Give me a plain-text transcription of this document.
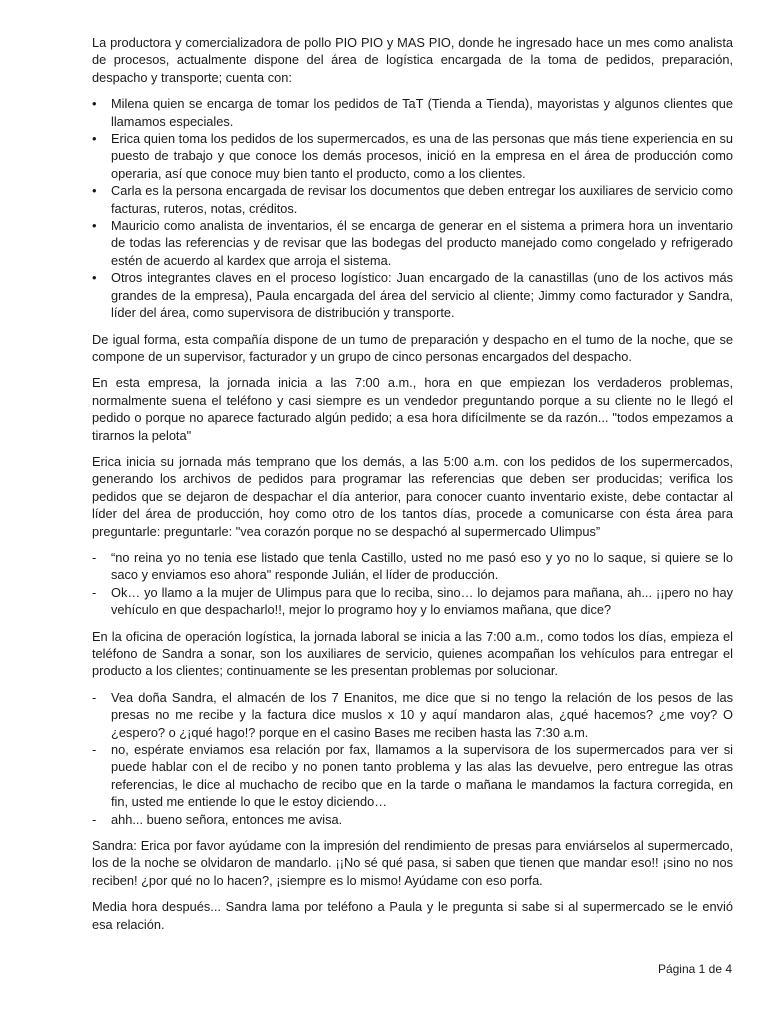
La productora y comercializadora de pollo PIO PIO y MAS PIO, donde he ingresado hace un mes como analista de procesos, actualmente dispone del área de logística encargada de la toma de pedidos, preparación, despacho y transporte; cuenta con:

• Milena quien se encarga de tomar los pedidos de TaT (Tienda a Tienda), mayoristas y algunos clientes que llamamos especiales.
• Erica quien toma los pedidos de los supermercados, es una de las personas que más tiene experiencia en su puesto de trabajo y que conoce los demás procesos, inició en la empresa en el área de producción como operaria, así que conoce muy bien tanto el producto, como a los clientes.
• Carla es la persona encargada de revisar los documentos que deben entregar los auxiliares de servicio como facturas, ruteros, notas, créditos.
• Mauricio como analista de inventarios, él se encarga de generar en el sistema a primera hora un inventario de todas las referencias y de revisar que las bodegas del producto manejado como congelado y refrigerado estén de acuerdo al kardex que arroja el sistema.
• Otros integrantes claves en el proceso logístico: Juan encargado de la canastillas (uno de los activos más grandes de la empresa), Paula encargada del área del servicio al cliente; Jimmy como facturador y Sandra, líder del área, como supervisora de distribución y transporte.

De igual forma, esta compañía dispone de un tumo de preparación y despacho en el tumo de la noche, que se compone de un supervisor, facturador y un grupo de cinco personas encargados del despacho.

En esta empresa, la jornada inicia a las 7:00 a.m., hora en que empiezan los verdaderos problemas, normalmente suena el teléfono y casi siempre es un vendedor preguntando porque a su cliente no le llegó el pedido o porque no aparece facturado algún pedido; a esa hora difícilmente se da razón... "todos empezamos a tirarnos la pelota"

Erica inicia su jornada más temprano que los demás, a las 5:00 a.m. con los pedidos de los supermercados, generando los archivos de pedidos para programar las referencias que deben ser producidas; verifica los pedidos que se dejaron de despachar el día anterior, para conocer cuanto inventario existe, debe contactar al líder del área de producción, hoy como otro de los tantos días, procede a comunicarse con ésta área para preguntarle: preguntarle: "vea corazón porque no se despachó al supermercado Ulimpus”

- “no reina yo no tenia ese listado que tenla Castillo, usted no me pasó eso y yo no lo saque, si quiere se lo saco y enviamos eso ahora" responde Julián, el líder de producción.
- Ok… yo llamo a la mujer de Ulimpus para que lo reciba, sino… lo dejamos para mañana, ah... ¡¡pero no hay vehículo en que despacharlo!!, mejor lo programo hoy y lo enviamos mañana, que dice?

En la oficina de operación logística, la jornada laboral se inicia a las 7:00 a.m., como todos los días, empieza el teléfono de Sandra a sonar, son los auxiliares de servicio, quienes acompañan los vehículos para entregar el producto a los clientes; continuamente se les presentan problemas por solucionar.

- Vea doña Sandra, el almacén de los 7 Enanitos, me dice que si no tengo la relación de los pesos de las presas no me recibe y la factura dice muslos x 10 y aquí mandaron alas, ¿qué hacemos? ¿me voy? O ¿espero? o ¿¡qué hago!? porque en el casino Bases me reciben hasta las 7:30 a.m.
- no, espérate enviamos esa relación por fax, llamamos a la supervisora de los supermercados para ver si puede hablar con el de recibo y no ponen tanto problema y las alas las devuelve, pero entregue las otras referencias, le dice al muchacho de recibo que en la tarde o mañana le mandamos la factura corregida, en fin, usted me entiende lo que le estoy diciendo…
- ahh... bueno señora, entonces me avisa.

Sandra: Erica por favor ayúdame con la impresión del rendimiento de presas para enviárselos al supermercado, los de la noche se olvidaron de mandarlo. ¡¡No sé qué pasa, si saben que tienen que mandar eso!! ¡sino no nos reciben! ¿por qué no lo hacen?, ¡siempre es lo mismo! Ayúdame con eso porfa.

Media hora después... Sandra lama por teléfono a Paula y le pregunta si sabe si al supermercado se le envió esa relación.

Página 1 de 4
